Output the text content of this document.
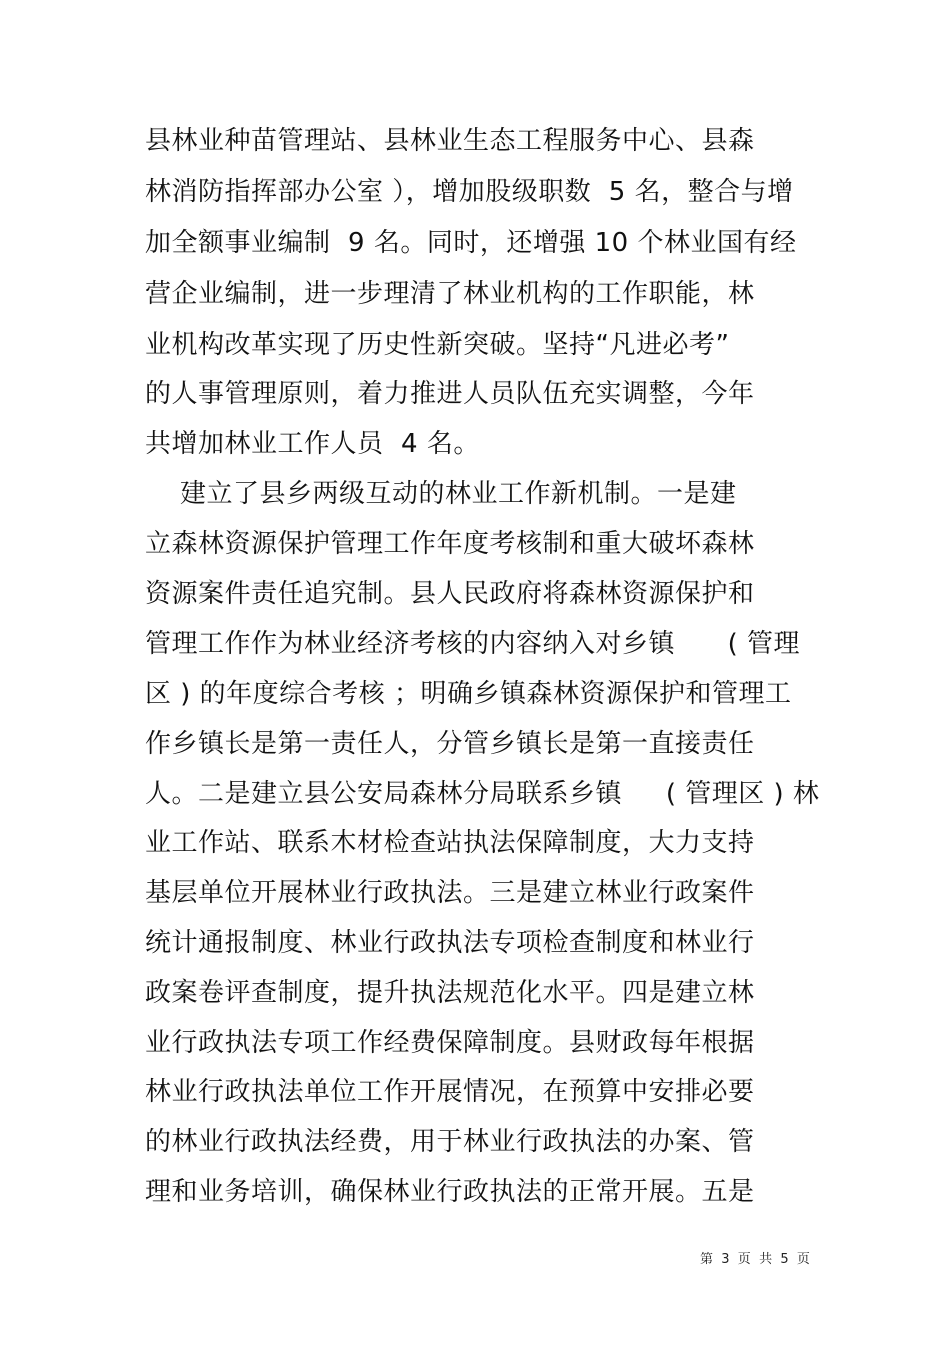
县林业种苗管理站、县林业生态工程服务中心、县森
林消防指挥部办公室 ），增加股级职数  5 名，整合与增
加全额事业编制  9 名。同时，还增强 10 个林业国有经
营企业编制，进一步理清了林业机构的工作职能，林
业机构改革实现了历史性新突破。坚持“凡进必考”
的人事管理原则，着力推进人员队伍充实调整，今年
共增加林业工作人员  4 名。
建立了县乡两级互动的林业工作新机制。一是建
立森林资源保护管理工作年度考核制和重大破坏森林
资源案件责任追究制。县人民政府将森林资源保护和
管理工作作为林业经济考核的内容纳入对乡镇      ( 管理
区 ) 的年度综合考核 ；明确乡镇森林资源保护和管理工
作乡镇长是第一责任人，分管乡镇长是第一直接责任
人。二是建立县公安局森林分局联系乡镇     ( 管理区 ) 林
业工作站、联系木材检查站执法保障制度，大力支持
基层单位开展林业行政执法。三是建立林业行政案件
统计通报制度、林业行政执法专项检查制度和林业行
政案卷评查制度，提升执法规范化水平。四是建立林
业行政执法专项工作经费保障制度。县财政每年根据
林业行政执法单位工作开展情况，在预算中安排必要
的林业行政执法经费，用于林业行政执法的办案、管
理和业务培训，确保林业行政执法的正常开展。五是
第  3  页  共  5  页
